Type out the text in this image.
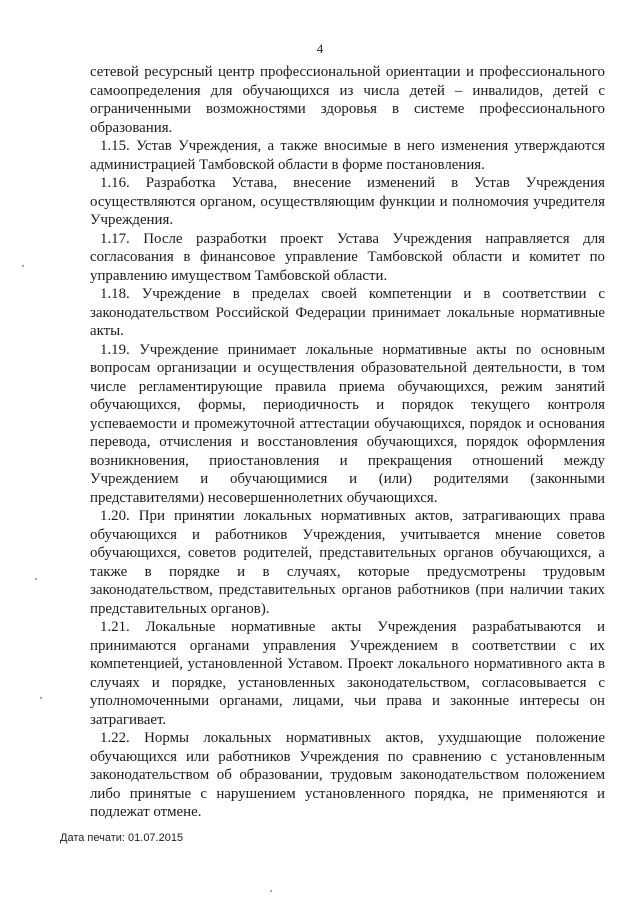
4

сетевой ресурсный центр профессиональной ориентации и профессионального самоопределения для обучающихся из числа детей – инвалидов, детей с ограниченными возможностями здоровья в системе профессионального образования.

1.15. Устав Учреждения, а также вносимые в него изменения утверждаются администрацией Тамбовской области в форме постановления.

1.16. Разработка Устава, внесение изменений в Устав Учреждения осуществляются органом, осуществляющим функции и полномочия учредителя Учреждения.

1.17. После разработки проект Устава Учреждения направляется для согласования в финансовое управление Тамбовской области и комитет по управлению имуществом Тамбовской области.

1.18. Учреждение в пределах своей компетенции и в соответствии с законодательством Российской Федерации принимает локальные нормативные акты.

1.19. Учреждение принимает локальные нормативные акты по основным вопросам организации и осуществления образовательной деятельности, в том числе регламентирующие правила приема обучающихся, режим занятий обучающихся, формы, периодичность и порядок текущего контроля успеваемости и промежуточной аттестации обучающихся, порядок и основания перевода, отчисления и восстановления обучающихся, порядок оформления возникновения, приостановления и прекращения отношений между Учреждением и обучающимися и (или) родителями (законными представителями) несовершеннолетних обучающихся.

1.20. При принятии локальных нормативных актов, затрагивающих права обучающихся и работников Учреждения, учитывается мнение советов обучающихся, советов родителей, представительных органов обучающихся, а также в порядке и в случаях, которые предусмотрены трудовым законодательством, представительных органов работников (при наличии таких представительных органов).

1.21. Локальные нормативные акты Учреждения разрабатываются и принимаются органами управления Учреждением в соответствии с их компетенцией, установленной Уставом. Проект локального нормативного акта в случаях и порядке, установленных законодательством, согласовывается с уполномоченными органами, лицами, чьи права и законные интересы он затрагивает.

1.22. Нормы локальных нормативных актов, ухудшающие положение обучающихся или работников Учреждения по сравнению с установленным законодательством об образовании, трудовым законодательством положением либо принятые с нарушением установленного порядка, не применяются и подлежат отмене.

Дата печати: 01.07.2015
